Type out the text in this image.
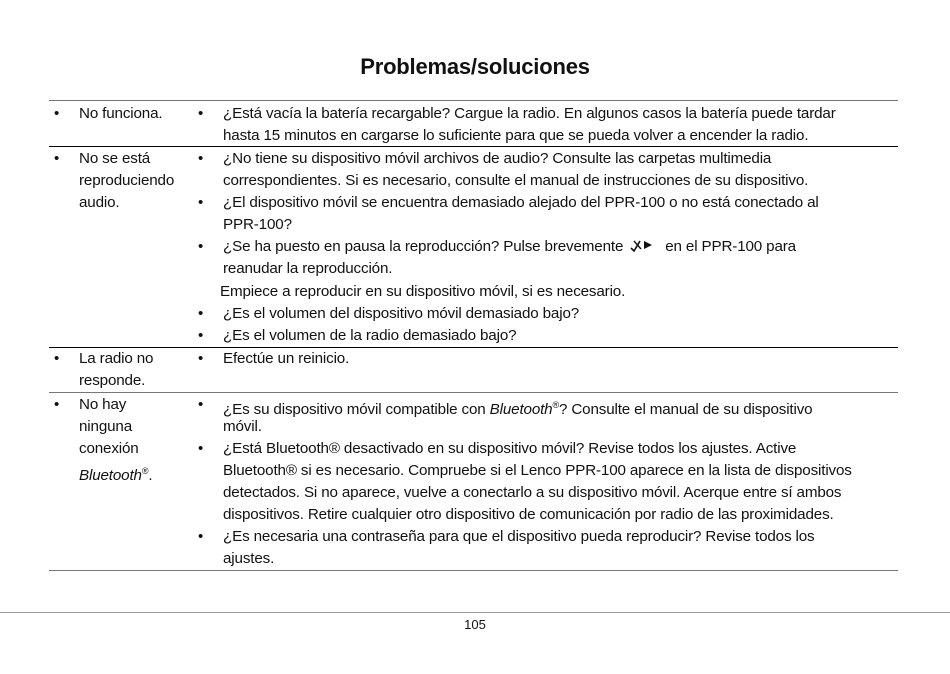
Problemas/soluciones
• No funciona. • ¿Está vacía la batería recargable? Cargue la radio. En algunos casos la batería puede tardar
hasta 15 minutos en cargarse lo suficiente para que se pueda volver a encender la radio.
• No se está
reproduciendo
audio.
• ¿No tiene su dispositivo móvil archivos de audio? Consulte las carpetas multimedia
correspondientes. Si es necesario, consulte el manual de instrucciones de su dispositivo.
• ¿El dispositivo móvil se encuentra demasiado alejado del PPR-100 o no está conectado al
PPR-100?
• ¿Se ha puesto en pausa la reproducción? Pulse brevemente	en el PPR-100 para
reanudar la reproducción.
Empiece a reproducir en su dispositivo móvil, si es necesario.
• ¿Es el volumen del dispositivo móvil demasiado bajo?
• ¿Es el volumen de la radio demasiado bajo?
• La radio no
responde.
• Efectúe un reinicio.
• No hay
ninguna
conexión
Bluetooth®.
• ¿Es su dispositivo móvil compatible con Bluetooth®? Consulte el manual de su dispositivo
móvil.
• ¿Está Bluetooth® desactivado en su dispositivo móvil? Revise todos los ajustes. Active
Bluetooth® si es necesario. Compruebe si el Lenco PPR-100 aparece en la lista de dispositivos
detectados. Si no aparece, vuelve a conectarlo a su dispositivo móvil. Acerque entre sí ambos
dispositivos. Retire cualquier otro dispositivo de comunicación por radio de las proximidades.
• ¿Es necesaria una contraseña para que el dispositivo pueda reproducir? Revise todos los
ajustes.
105
